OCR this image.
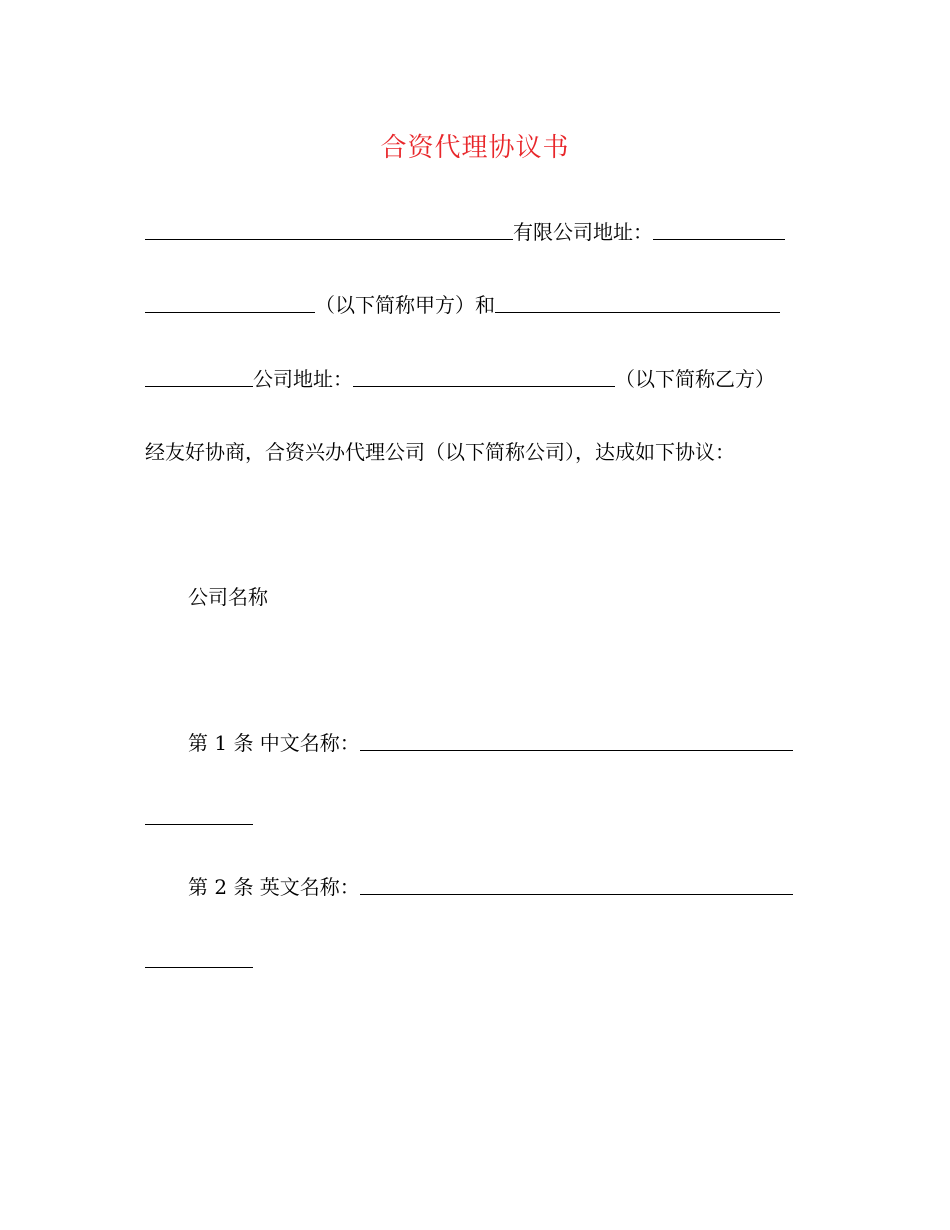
合资代理协议书
有限公司地址：
（以下简称甲方）和
公司地址：	（以下简称乙方）
经友好协商，合资兴办代理公司（以下简称公司），达成如下协议：
公司名称
第 1 条 中文名称：
第 2 条 英文名称：
